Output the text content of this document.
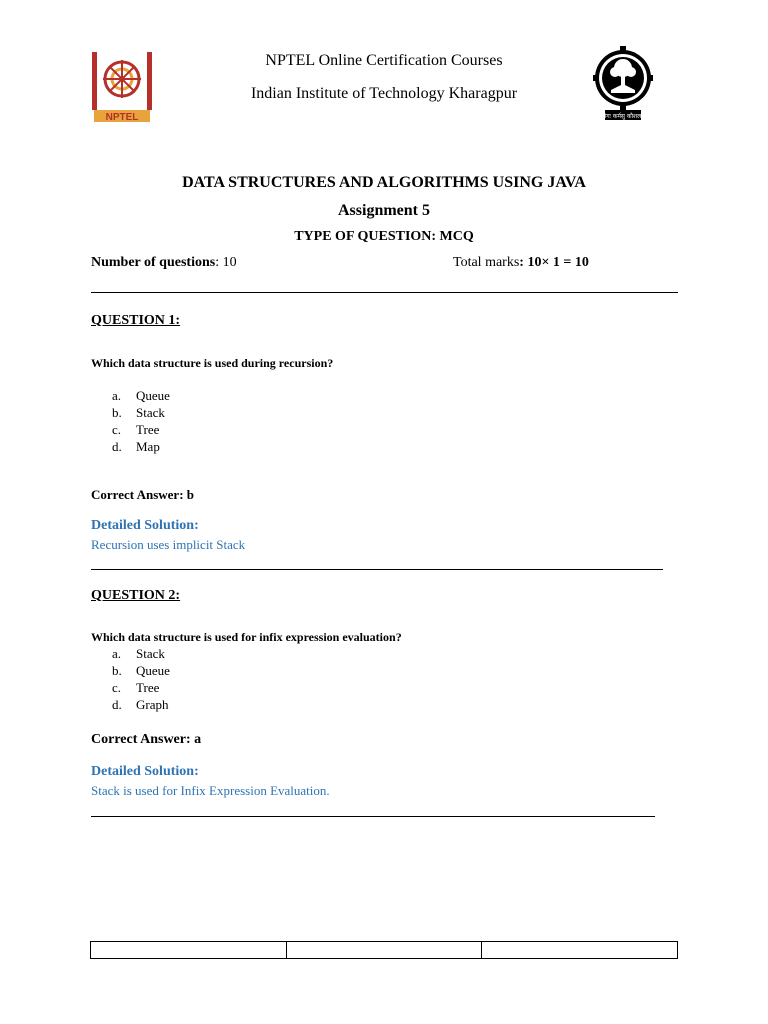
NPTEL	योगः कर्मसु कौशलम्
NPTEL Online Certification Courses
Indian Institute of Technology Kharagpur
DATA STRUCTURES AND ALGORITHMS USING JAVA
Assignment 5
TYPE OF QUESTION: MCQ
Number of questions: 10	Total marks: 10× 1 = 10
QUESTION 1:
Which data structure is used during recursion?
a. Queue
b. Stack
c. Tree
d. Map
Correct Answer: b
Detailed Solution:
Recursion uses implicit Stack
QUESTION 2:
Which data structure is used for infix expression evaluation?
a. Stack
b. Queue
c. Tree
d. Graph
Correct Answer: a
Detailed Solution:
Stack is used for Infix Expression Evaluation.
